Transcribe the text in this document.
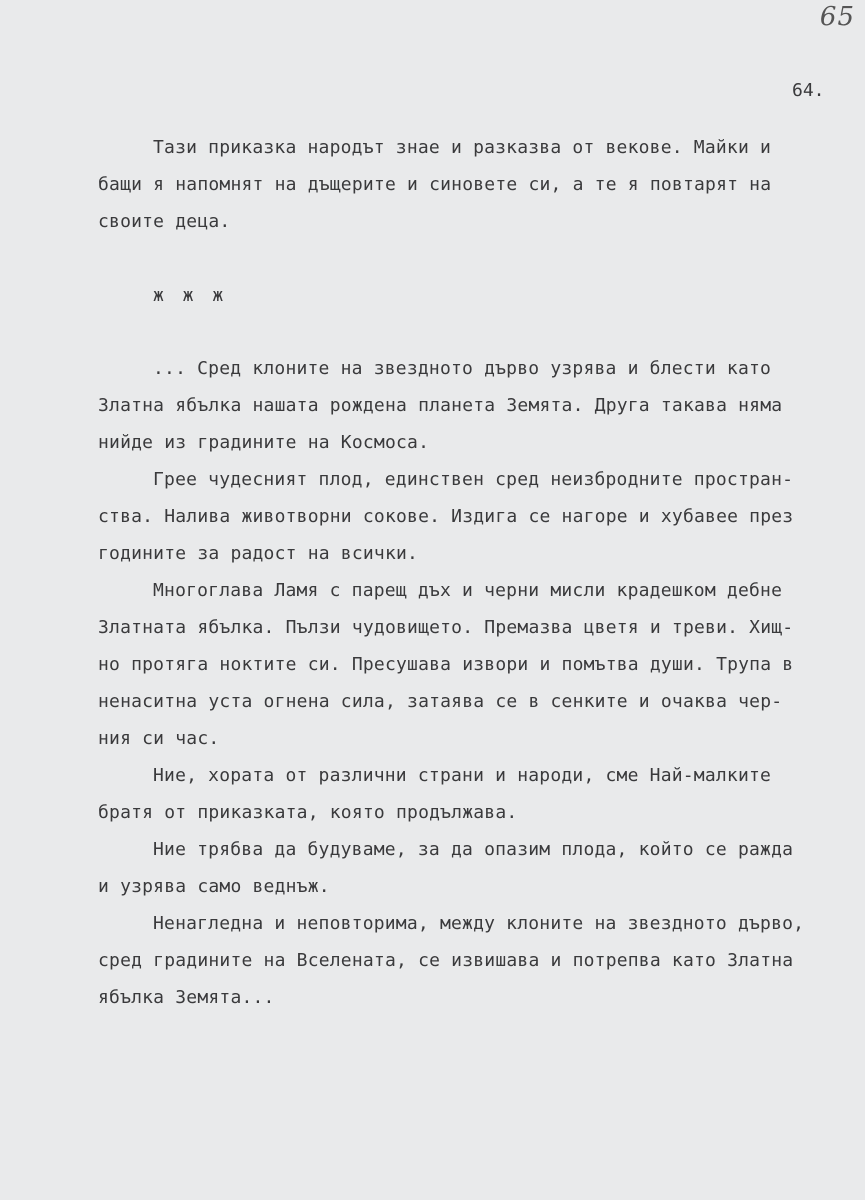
65
64.
Тази приказка народът знае и разказва от векове. Майки и
бащи я напомнят на дъщерите и синовете си, а те я повтарят на
своите деца.
ж ж ж
... Сред клоните на звездното дърво узрява и блести като
Златна ябълка нашата рождена планета Земята. Друга такава няма
нийде из градините на Космоса.
Грее чудесният плод, единствен сред неизбродните простран-
ства. Налива животворни сокове. Издига се нагоре и хубавее през
годините за радост на всички.
Многоглава Ламя с парещ дъх и черни мисли крадешком дебне
Златната ябълка. Пълзи чудовището. Премазва цветя и треви. Хищ-
но протяга ноктите си. Пресушава извори и помътва души. Трупа в
ненаситна уста огнена сила, затаява се в сенките и очаква чер-
ния си час.
Ние, хората от различни страни и народи, сме Най-малките
братя от приказката, която продължава.
Ние трябва да будуваме, за да опазим плода, който се ражда
и узрява само веднъж.
Ненагледна и неповторима, между клоните на звездното дърво,
сред градините на Вселената, се извишава и потрепва като Златна
ябълка Земята...
